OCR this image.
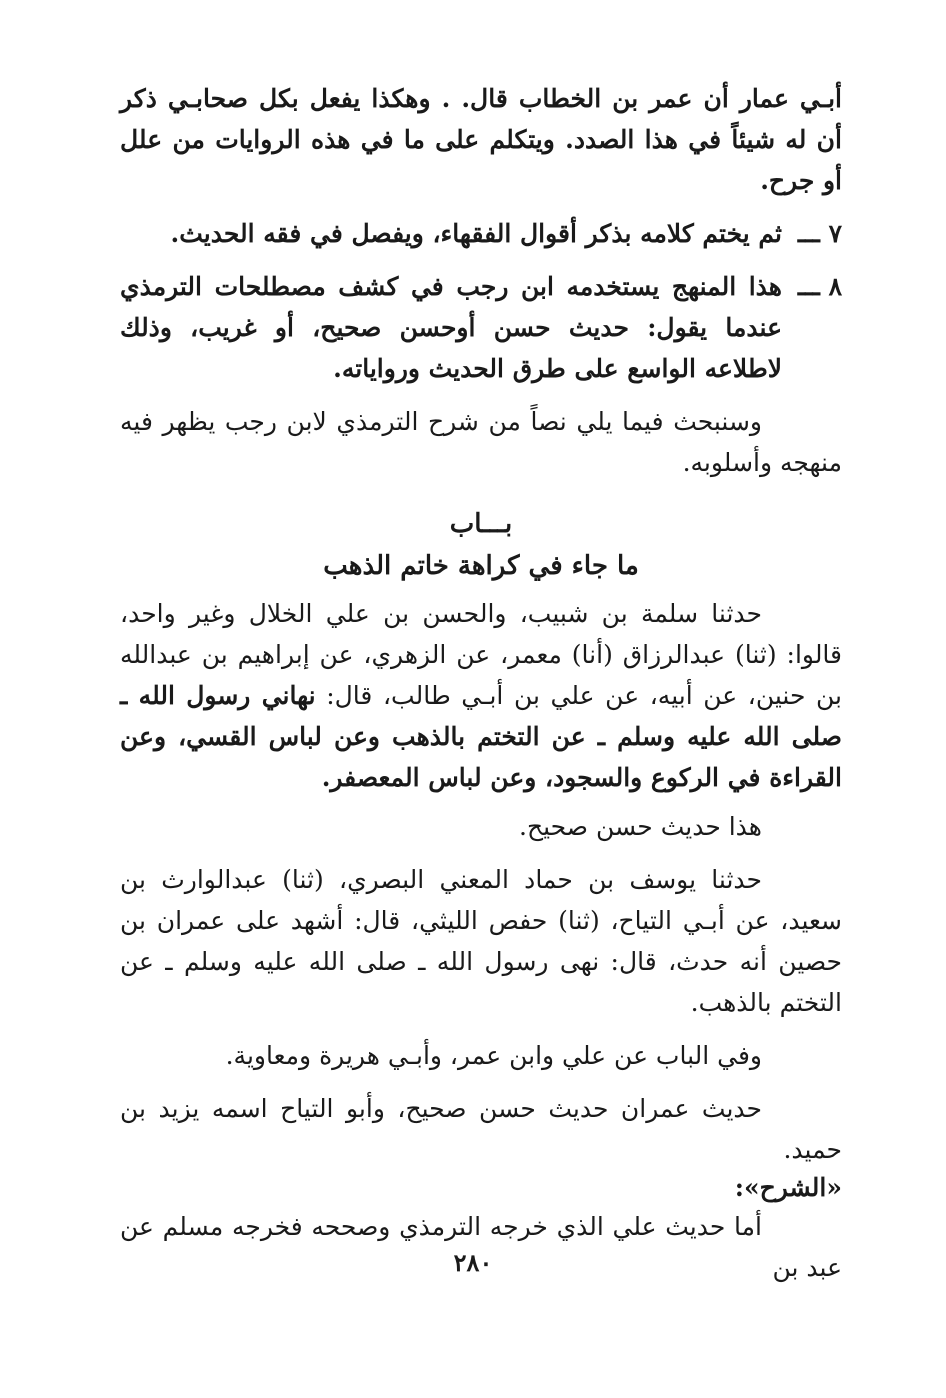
أبـي عمار أن عمر بن الخطاب قال. . وهكذا يفعل بكل صحابـي ذكر أن له شيئاً في هذا الصدد. ويتكلم على ما في هذه الروايات من علل أو جرح.

٧ ـــ
ثم يختم كلامه بذكر أقوال الفقهاء، ويفصل في فقه الحديث.
٨ ـــ
هذا المنهج يستخدمه ابن رجب في كشف مصطلحات الترمذي عندما يقول: حديث حسن أوحسن صحيح، أو غريب، وذلك لاطلاعه الواسع على طرق الحديث ورواياته.

وسنبحث فيما يلي نصاً من شرح الترمذي لابن رجب يظهر فيه منهجه وأسلوبه.

بـــاب
ما جاء في كراهة خاتم الذهب

حدثنا سلمة بن شبيب، والحسن بن علي الخلال وغير واحد، قالوا: (ثنا) عبدالرزاق (أنا) معمر، عن الزهري، عن إبراهيم بن عبدالله بن حنين، عن أبيه، عن علي بن أبـي طالب، قال: نهاني رسول الله ـ صلى الله عليه وسلم ـ عن التختم بالذهب وعن لباس القسي، وعن القراءة في الركوع والسجود، وعن لباس المعصفر.

هذا حديث حسن صحيح.

حدثنا يوسف بن حماد المعني البصري، (ثنا) عبدالوارث بن سعيد، عن أبـي التياح، (ثنا) حفص الليثي، قال: أشهد على عمران بن حصين أنه حدث، قال: نهى رسول الله ـ صلى الله عليه وسلم ـ عن التختم بالذهب.

وفي الباب عن علي وابن عمر، وأبـي هريرة ومعاوية.

حديث عمران حديث حسن صحيح، وأبو التياح اسمه يزيد بن حميد.

«الشرح»:

أما حديث علي الذي خرجه الترمذي وصححه فخرجه مسلم عن عبد بن

٢٨٠
